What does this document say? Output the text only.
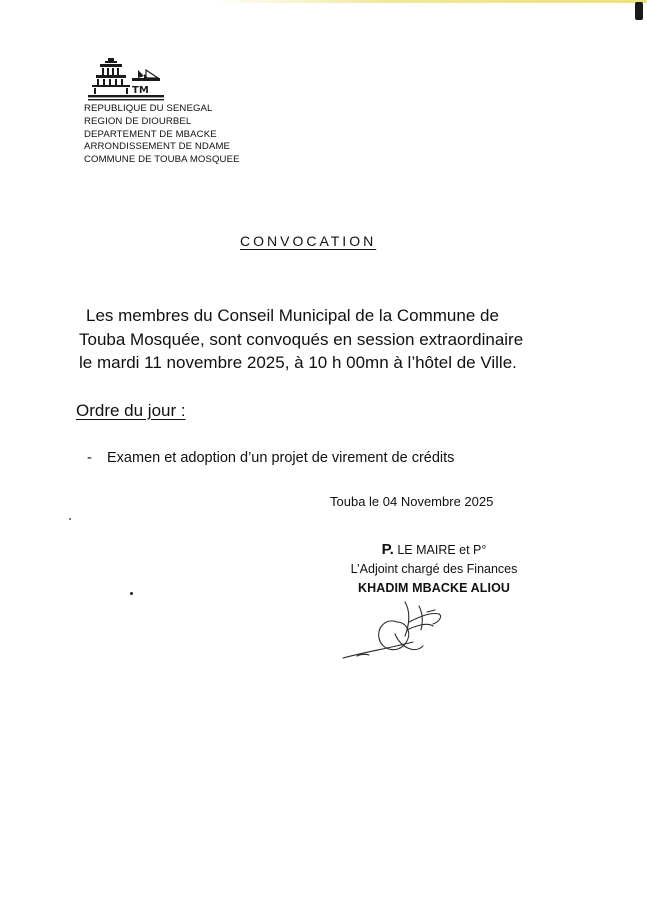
TM
REPUBLIQUE DU SENEGAL
REGION DE DIOURBEL
DEPARTEMENT DE MBACKE
ARRONDISSEMENT DE NDAME
COMMUNE DE TOUBA MOSQUEE
CONVOCATION
Les membres du Conseil Municipal de la Commune de
Touba Mosquée, sont convoqués en session extraordinaire
le mardi 11 novembre 2025, à 10 h 00mn à l’hôtel de Ville.
Ordre du jour :
- Examen et adoption d’un projet de virement de crédits
Touba le 04 Novembre 2025
P. LE MAIRE et P°
L’Adjoint chargé des Finances
KHADIM MBACKE ALIOU
